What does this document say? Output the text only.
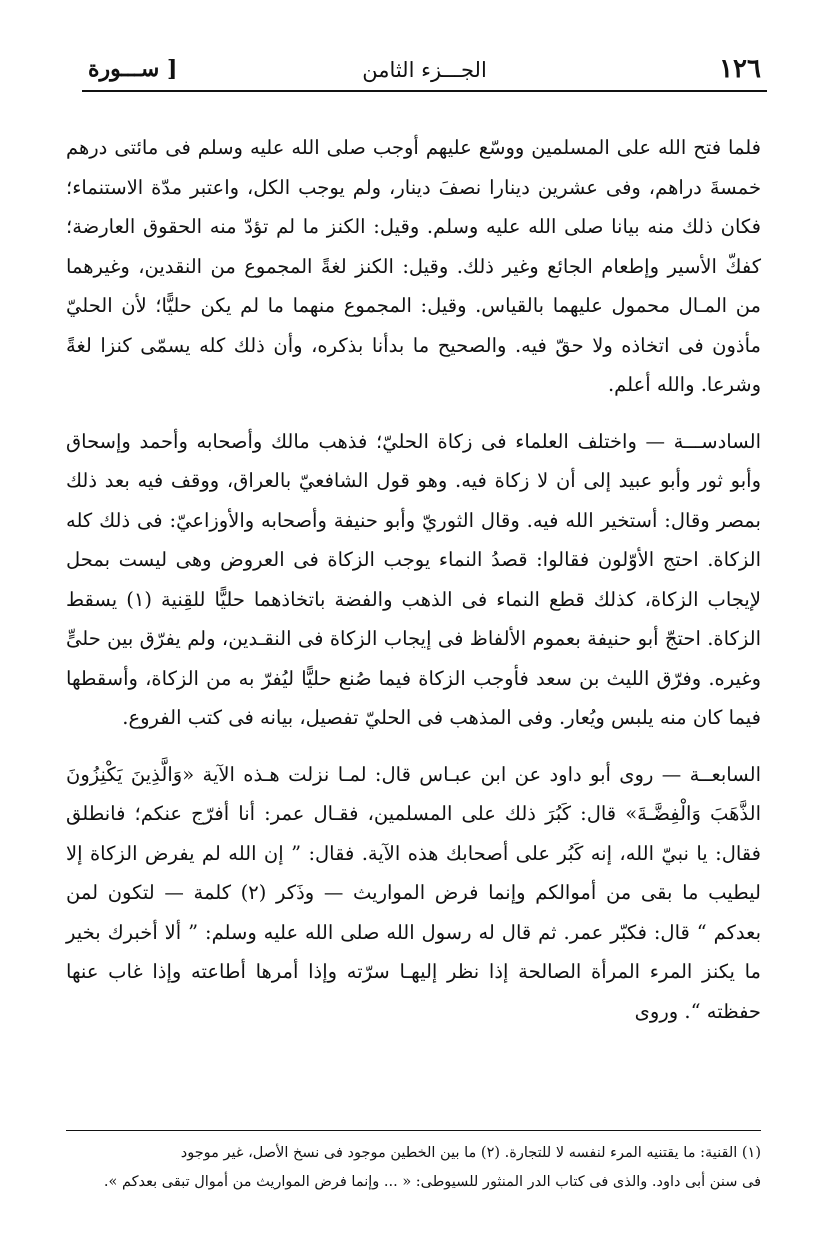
١٢٦
الجـــزء الثامن
[ ســـورة

فلما فتح الله على المسلمين ووسّع عليهم أوجب صلى الله عليه وسلم فى مائتى درهم خمسةَ دراهم، وفى عشرين دينارا نصفَ دينار، ولم يوجب الكل، واعتبر مدّة الاستنماء؛ فكان ذلك منه بيانا صلى الله عليه وسلم. وقيل: الكنز ما لم تؤدّ منه الحقوق العارضة؛ كفكّ الأسير وإطعام الجائع وغير ذلك. وقيل: الكنز لغةً المجموع من النقدين، وغيرهما من المـال محمول عليهما بالقياس. وقيل: المجموع منهما ما لم يكن حليًّا؛ لأن الحليّ مأذون فى اتخاذه ولا حقّ فيه. والصحيح ما بدأنا بذكره، وأن ذلك كله يسمّى كنزا لغةً وشرعا. والله أعلم.

السادســـة — واختلف العلماء فى زكاة الحليّ؛ فذهب مالك وأصحابه وأحمد وإسحاق وأبو ثور وأبو عبيد إلى أن لا زكاة فيه. وهو قول الشافعيّ بالعراق، ووقف فيه بعد ذلك بمصر وقال: أستخير الله فيه. وقال الثوريّ وأبو حنيفة وأصحابه والأوزاعيّ: فى ذلك كله الزكاة. احتج الأوّلون فقالوا: قصدُ النماء يوجب الزكاة فى العروض وهى ليست بمحل لإيجاب الزكاة، كذلك قطع النماء فى الذهب والفضة باتخاذهما حليًّا للقِنية (١) يسقط الزكاة. احتجّ أبو حنيفة بعموم الألفاظ فى إيجاب الزكاة فى النقـدين، ولم يفرّق بين حلىٍّ وغيره. وفرّق الليث بن سعد فأوجب الزكاة فيما صُنع حليًّا ليُفرّ به من الزكاة، وأسقطها فيما كان منه يلبس ويُعار. وفى المذهب فى الحليّ تفصيل، بيانه فى كتب الفروع.

السابعــة — روى أبو داود عن ابن عبـاس قال: لمـا نزلت هـذه الآية «وَالَّذِينَ يَكْنِزُونَ الذَّهَبَ وَالْفِضَّـةَ» قال: كَبُرَ ذلك على المسلمين، فقـال عمر: أنا أفرّج عنكم؛ فانطلق فقال: يا نبيّ الله، إنه كَبُر على أصحابك هذه الآية. فقال: ” إن الله لم يفرض الزكاة إلا ليطيب ما بقى من أموالكم وإنما فرض المواريث — وذَكر (٢) كلمة — لتكون لمن بعدكم “ قال: فكبّر عمر. ثم قال له رسول الله صلى الله عليه وسلم: ” ألا أخبرك بخير ما يكنز المرء المرأة الصالحة إذا نظر إليهـا سرّته وإذا أمرها أطاعته وإذا غاب عنها حفظته “. وروى

(١) القنية: ما يقتنيه المرء لنفسه لا للتجارة. (٢) ما بين الخطين موجود فى نسخ الأصل، غير موجود

فى سنن أبى داود. والذى فى كتاب الدر المنثور للسيوطى: « ... وإنما فرض المواريث من أموال تبقى بعدكم ».
